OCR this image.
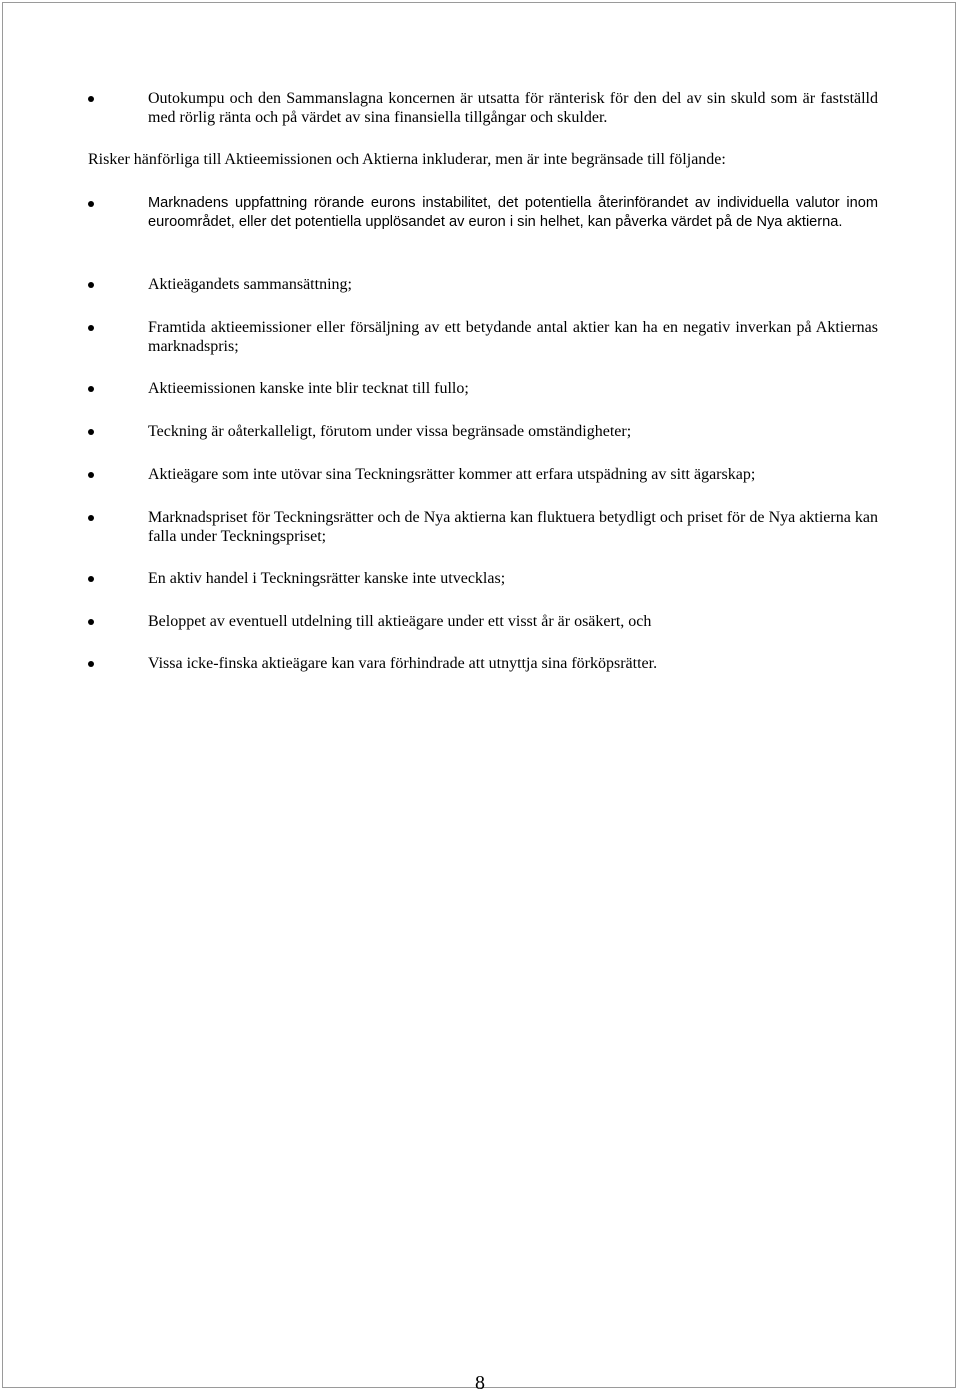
Outokumpu och den Sammanslagna koncernen är utsatta för ränterisk för den del av sin skuld som är fastställd med rörlig ränta och på värdet av sina finansiella tillgångar och skulder.
Risker hänförliga till Aktieemissionen och Aktierna inkluderar, men är inte begränsade till följande:
Marknadens uppfattning rörande eurons instabilitet, det potentiella återinförandet av individuella valutor inom euroområdet, eller det potentiella upplösandet av euron i sin helhet, kan påverka värdet på de Nya aktierna.
Aktieägandets sammansättning;
Framtida aktieemissioner eller försäljning av ett betydande antal aktier kan ha en negativ inverkan på Aktiernas marknadspris;
Aktieemissionen kanske inte blir tecknat till fullo;
Teckning är oåterkalleligt, förutom under vissa begränsade omständigheter;
Aktieägare som inte utövar sina Teckningsrätter kommer att erfara utspädning av sitt ägarskap;
Marknadspriset för Teckningsrätter och de Nya aktierna kan fluktuera betydligt och priset för de Nya aktierna kan falla under Teckningspriset;
En aktiv handel i Teckningsrätter kanske inte utvecklas;
Beloppet av eventuell utdelning till aktieägare under ett visst år är osäkert, och
Vissa icke-finska aktieägare kan vara förhindrade att utnyttja sina förköpsrätter.
8
